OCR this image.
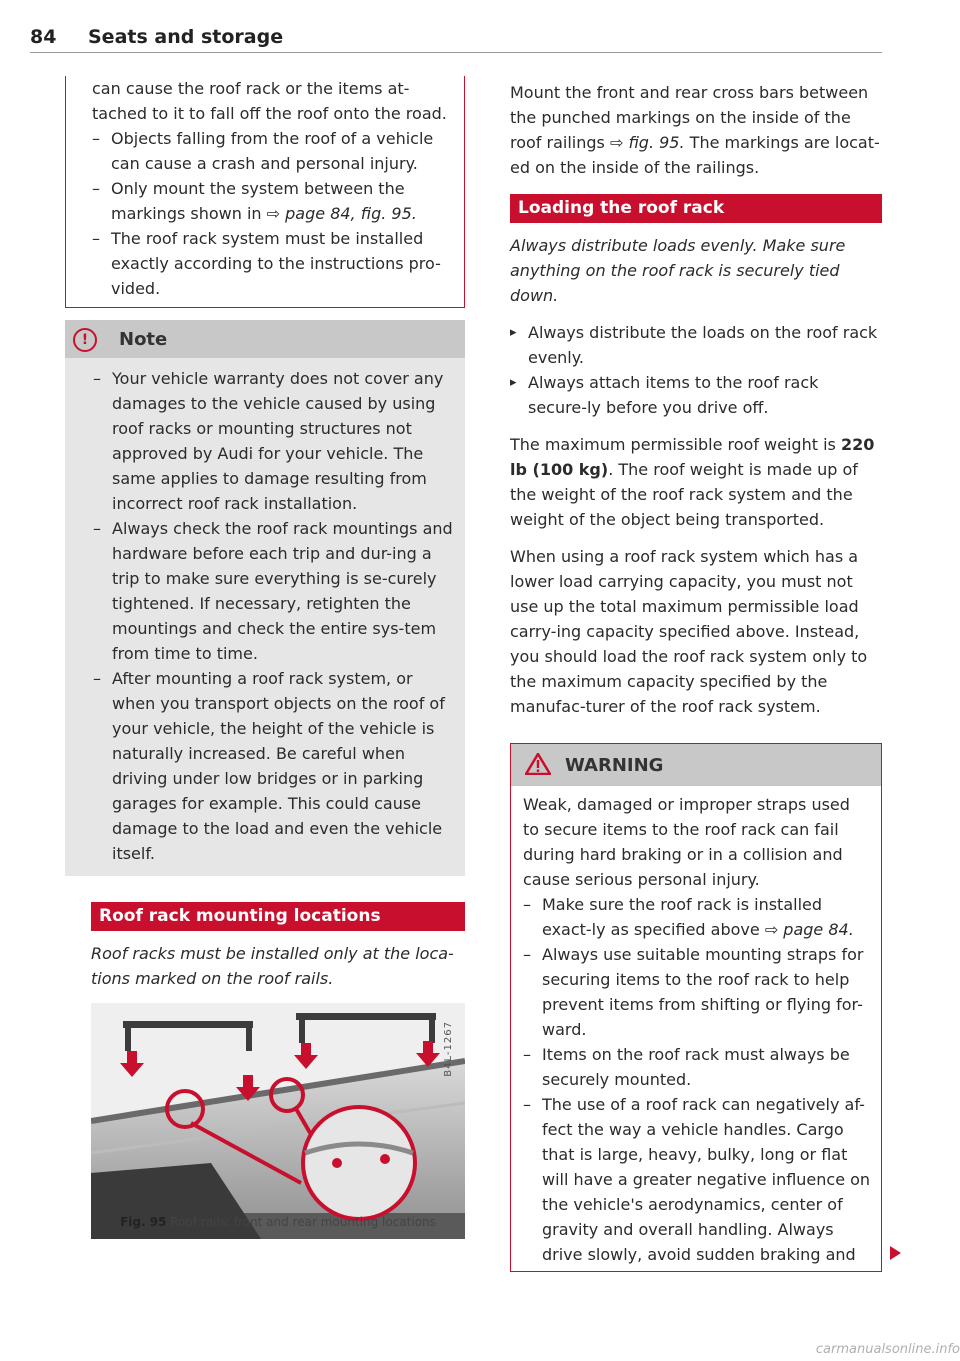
84 Seats and storage

can cause the roof rack or the items at-tached to it to fall off the roof onto the road.

– Objects falling from the roof of a vehicle can cause a crash and personal injury.

– Only mount the system between the markings shown in ⇨ page 84, fig. 95.

– The roof rack system must be installed exactly according to the instructions pro-vided.

!	Note

– Your vehicle warranty does not cover any damages to the vehicle caused by using roof racks or mounting structures not approved by Audi for your vehicle. The same applies to damage resulting from incorrect roof rack installation.

– Always check the roof rack mountings and hardware before each trip and dur-ing a trip to make sure everything is se-curely tightened. If necessary, retighten the mountings and check the entire sys-tem from time to time.

– After mounting a roof rack system, or when you transport objects on the roof of your vehicle, the height of the vehicle is naturally increased. Be careful when driving under low bridges or in parking garages for example. This could cause damage to the load and even the vehicle itself.

Roof rack mounting locations

Roof racks must be installed only at the loca-tions marked on the roof rails.

B4L-1267
Fig. 95 Roof rails: front and rear mounting locations

Mount the front and rear cross bars between the punched markings on the inside of the roof railings ⇨ fig. 95. The markings are locat-ed on the inside of the railings.

Loading the roof rack

Always distribute loads evenly. Make sure anything on the roof rack is securely tied down.

▸ Always distribute the loads on the roof rack evenly.

▸ Always attach items to the roof rack secure-ly before you drive off.

The maximum permissible roof weight is 220 lb (100 kg). The roof weight is made up of the weight of the roof rack system and the weight of the object being transported.

When using a roof rack system which has a lower load carrying capacity, you must not use up the total maximum permissible load carry-ing capacity specified above. Instead, you should load the roof rack system only to the maximum capacity specified by the manufac-turer of the roof rack system.

WARNING

Weak, damaged or improper straps used to secure items to the roof rack can fail during hard braking or in a collision and cause serious personal injury.

– Make sure the roof rack is installed exact-ly as specified above ⇨ page 84.

– Always use suitable mounting straps for securing items to the roof rack to help prevent items from shifting or flying for-ward.

– Items on the roof rack must always be securely mounted.

– The use of a roof rack can negatively af-fect the way a vehicle handles. Cargo that is large, heavy, bulky, long or flat will have a greater negative influence on the vehicle's aerodynamics, center of gravity and overall handling. Always drive slowly, avoid sudden braking and

carmanualsonline.info
